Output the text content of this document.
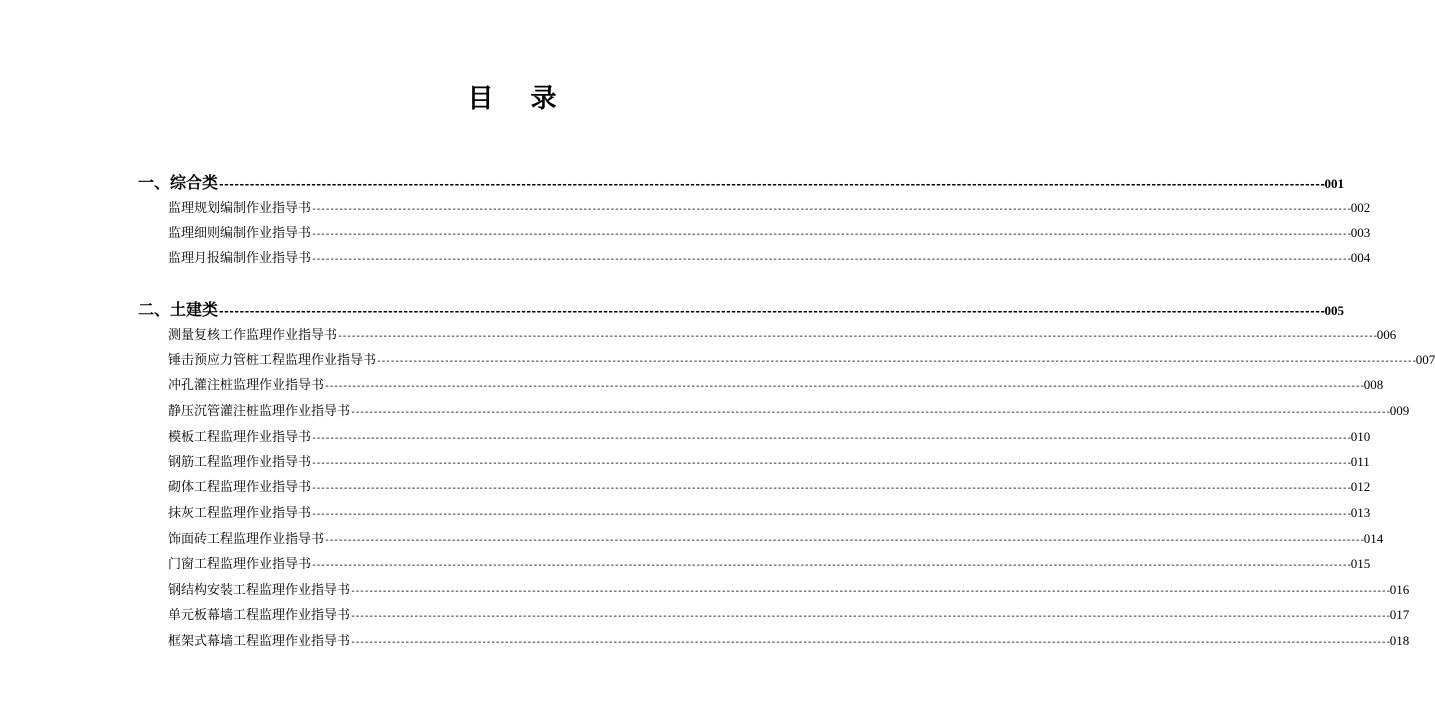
目 录
一、综合类 ------------------------------------------------------------------------------------------------------------------------------------------------------------------------------------------------------------------------ 001
监理规划编制作业指导书 -------------------------------------------------------------------------------------------------------------------------------------------------------------------------------------------------------------------------------------- 002
监理细则编制作业指导书 -------------------------------------------------------------------------------------------------------------------------------------------------------------------------------------------------------------------------------------- 003
监理月报编制作业指导书 -------------------------------------------------------------------------------------------------------------------------------------------------------------------------------------------------------------------------------------- 004
二、土建类 ------------------------------------------------------------------------------------------------------------------------------------------------------------------------------------------------------------------------ 005
测量复核工作监理作业指导书 -------------------------------------------------------------------------------------------------------------------------------------------------------------------------------------------------------------------------------------- 006
锤击预应力管桩工程监理作业指导书 -------------------------------------------------------------------------------------------------------------------------------------------------------------------------------------------------------------------------------------- 007
冲孔灌注桩监理作业指导书 -------------------------------------------------------------------------------------------------------------------------------------------------------------------------------------------------------------------------------------- 008
静压沉管灌注桩监理作业指导书 -------------------------------------------------------------------------------------------------------------------------------------------------------------------------------------------------------------------------------------- 009
模板工程监理作业指导书 -------------------------------------------------------------------------------------------------------------------------------------------------------------------------------------------------------------------------------------- 010
钢筋工程监理作业指导书 -------------------------------------------------------------------------------------------------------------------------------------------------------------------------------------------------------------------------------------- 011
砌体工程监理作业指导书 -------------------------------------------------------------------------------------------------------------------------------------------------------------------------------------------------------------------------------------- 012
抹灰工程监理作业指导书 -------------------------------------------------------------------------------------------------------------------------------------------------------------------------------------------------------------------------------------- 013
饰面砖工程监理作业指导书 -------------------------------------------------------------------------------------------------------------------------------------------------------------------------------------------------------------------------------------- 014
门窗工程监理作业指导书 -------------------------------------------------------------------------------------------------------------------------------------------------------------------------------------------------------------------------------------- 015
钢结构安装工程监理作业指导书 -------------------------------------------------------------------------------------------------------------------------------------------------------------------------------------------------------------------------------------- 016
单元板幕墙工程监理作业指导书 -------------------------------------------------------------------------------------------------------------------------------------------------------------------------------------------------------------------------------------- 017
框架式幕墙工程监理作业指导书 -------------------------------------------------------------------------------------------------------------------------------------------------------------------------------------------------------------------------------------- 018
